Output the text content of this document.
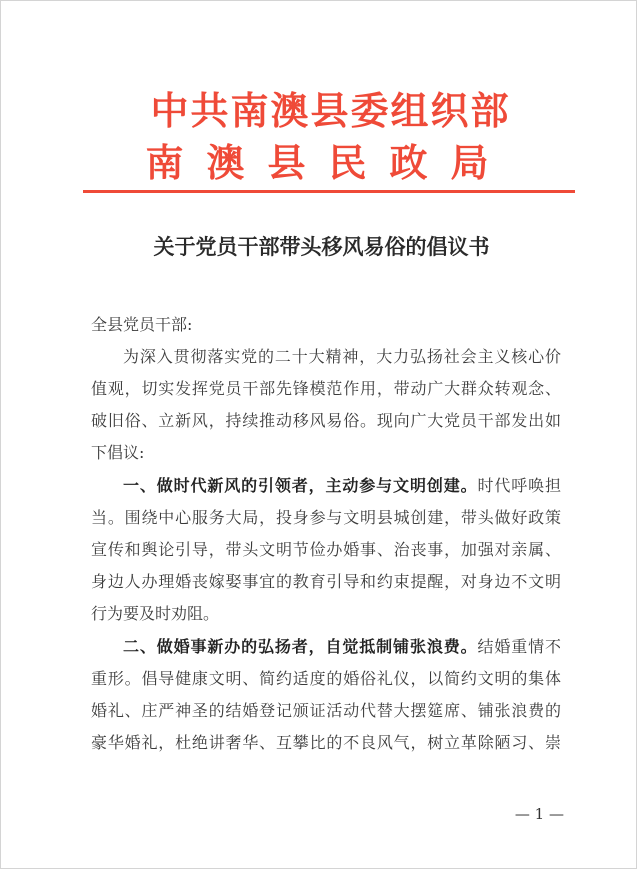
中共南澳县委组织部
南澳县民政局
关于党员干部带头移风易俗的倡议书
全县党员干部:
为深入贯彻落实党的二十大精神，大力弘扬社会主义核心价
值观，切实发挥党员干部先锋模范作用，带动广大群众转观念、
破旧俗、立新风，持续推动移风易俗。现向广大党员干部发出如
下倡议:
一、做时代新风的引领者，主动参与文明创建。时代呼唤担
当。围绕中心服务大局，投身参与文明县城创建，带头做好政策
宣传和舆论引导，带头文明节俭办婚事、治丧事，加强对亲属、
身边人办理婚丧嫁娶事宜的教育引导和约束提醒，对身边不文明
行为要及时劝阻。
二、做婚事新办的弘扬者，自觉抵制铺张浪费。结婚重情不
重形。倡导健康文明、简约适度的婚俗礼仪，以简约文明的集体
婚礼、庄严神圣的结婚登记颁证活动代替大摆筵席、铺张浪费的
豪华婚礼，杜绝讲奢华、互攀比的不良风气，树立革除陋习、崇
— 1 —
